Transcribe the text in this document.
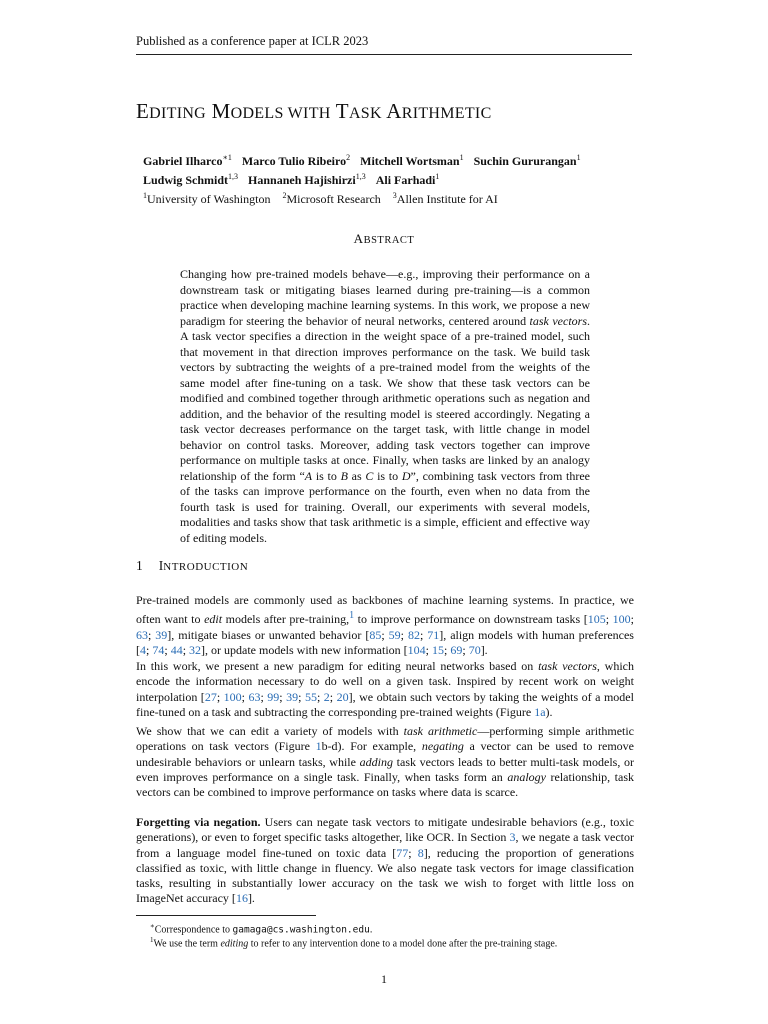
Published as a conference paper at ICLR 2023
EDITING MODELS WITH TASK ARITHMETIC
Gabriel Ilharco$^{∗1}$ Marco Tulio Ribeiro$^2$ Mitchell Wortsman$^1$ Suchin Gururangan$^1$
Ludwig Schmidt$^{1,3}$ Hannaneh Hajishirzi$^{1,3}$ Ali Farhadi$^1$
$^1$University of Washington $^2$Microsoft Research $^3$Allen Institute for AI
ABSTRACT
Changing how pre-trained models behave—e.g., improving their performance on a downstream task or mitigating biases learned during pre-training—is a common practice when developing machine learning systems. In this work, we propose a new paradigm for steering the behavior of neural networks, centered around task vectors. A task vector specifies a direction in the weight space of a pre-trained model, such that movement in that direction improves performance on the task. We build task vectors by subtracting the weights of a pre-trained model from the weights of the same model after fine-tuning on a task. We show that these task vectors can be modified and combined together through arithmetic operations such as negation and addition, and the behavior of the resulting model is steered accordingly. Negating a task vector decreases performance on the target task, with little change in model behavior on control tasks. Moreover, adding task vectors together can improve performance on multiple tasks at once. Finally, when tasks are linked by an analogy relationship of the form “A is to B as C is to D”, combining task vectors from three of the tasks can improve performance on the fourth, even when no data from the fourth task is used for training. Overall, our experiments with several models, modalities and tasks show that task arithmetic is a simple, efficient and effective way of editing models.
1 INTRODUCTION

Pre-trained models are commonly used as backbones of machine learning systems. In practice, we often want to edit models after pre-training,$^1$ to improve performance on downstream tasks [105; 100; 63; 39], mitigate biases or unwanted behavior [85; 59; 82; 71], align models with human preferences [4; 74; 44; 32], or update models with new information [104; 15; 69; 70].

In this work, we present a new paradigm for editing neural networks based on task vectors, which encode the information necessary to do well on a given task. Inspired by recent work on weight interpolation [27; 100; 63; 99; 39; 55; 2; 20], we obtain such vectors by taking the weights of a model fine-tuned on a task and subtracting the corresponding pre-trained weights (Figure 1a).

We show that we can edit a variety of models with task arithmetic—performing simple arithmetic operations on task vectors (Figure 1b-d). For example, negating a vector can be used to remove undesirable behaviors or unlearn tasks, while adding task vectors leads to better multi-task models, or even improves performance on a single task. Finally, when tasks form an analogy relationship, task vectors can be combined to improve performance on tasks where data is scarce.

Forgetting via negation. Users can negate task vectors to mitigate undesirable behaviors (e.g., toxic generations), or even to forget specific tasks altogether, like OCR. In Section 3, we negate a task vector from a language model fine-tuned on toxic data [77; 8], reducing the proportion of generations classified as toxic, with little change in fluency. We also negate task vectors for image classification tasks, resulting in substantially lower accuracy on the task we wish to forget with little loss on ImageNet accuracy [16].

∗Correspondence to gamaga@cs.washington.edu.
$^1$We use the term editing to refer to any intervention done to a model done after the pre-training stage.
1
